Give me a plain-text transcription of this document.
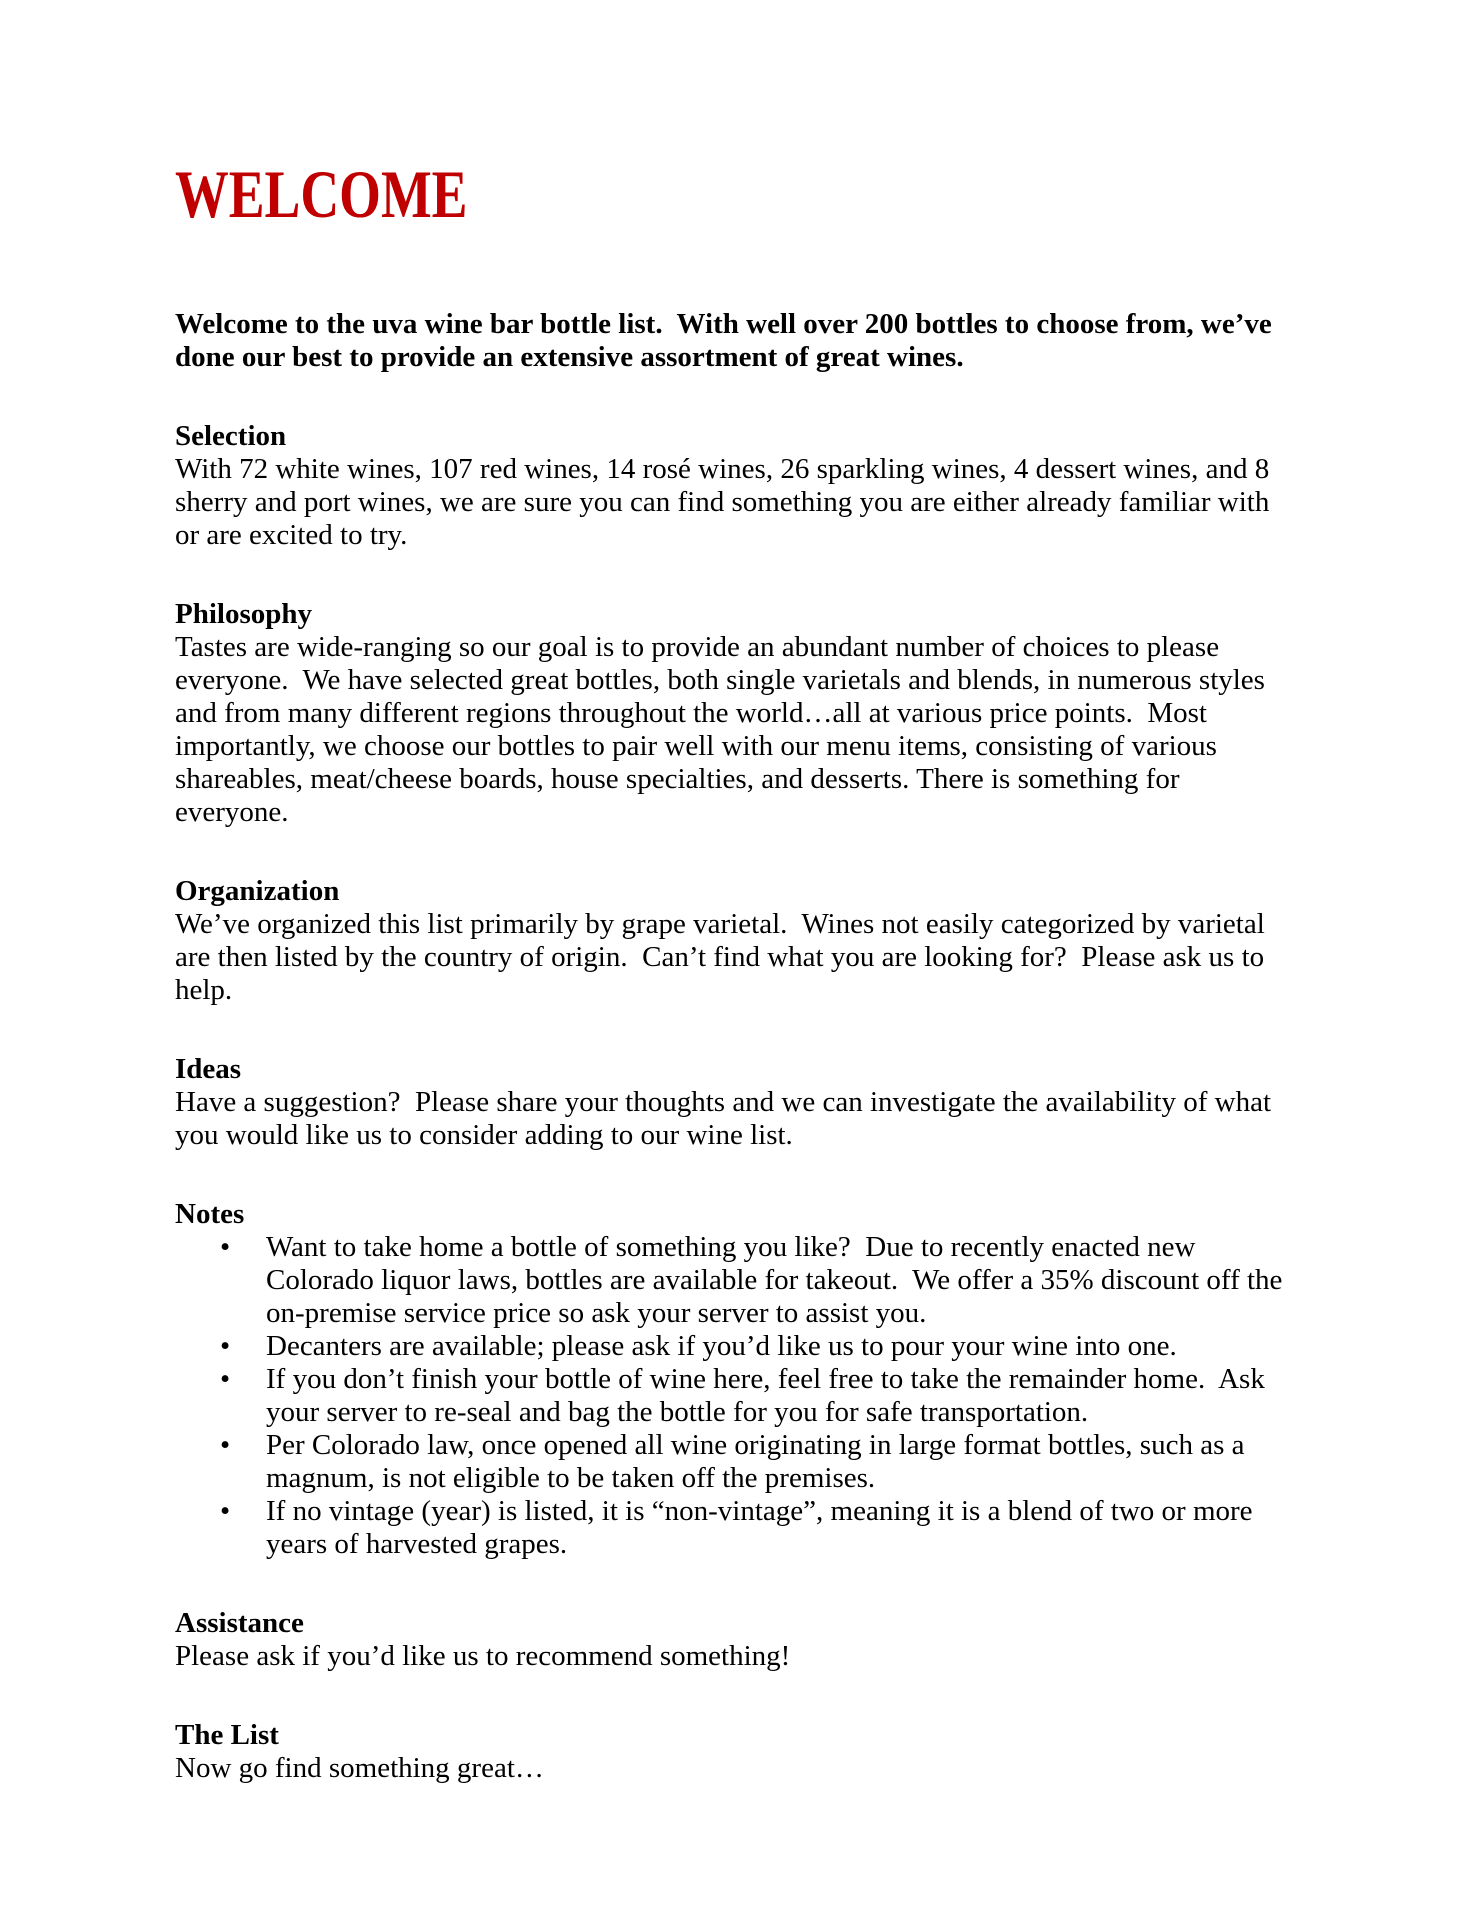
WELCOME

Welcome to the uva wine bar bottle list.  With well over 200 bottles to choose from, we’ve done our best to provide an extensive assortment of great wines.

Selection

With 72 white wines, 107 red wines, 14 rosé wines, 26 sparkling wines, 4 dessert wines, and 8 sherry and port wines, we are sure you can find something you are either already familiar with or are excited to try.

Philosophy

Tastes are wide-ranging so our goal is to provide an abundant number of choices to please everyone.  We have selected great bottles, both single varietals and blends, in numerous styles and from many different regions throughout the world…all at various price points.  Most importantly, we choose our bottles to pair well with our menu items, consisting of various shareables, meat/cheese boards, house specialties, and desserts. There is something for everyone.

Organization

We’ve organized this list primarily by grape varietal.  Wines not easily categorized by varietal are then listed by the country of origin.  Can’t find what you are looking for?  Please ask us to help.

Ideas

Have a suggestion?  Please share your thoughts and we can investigate the availability of what you would like us to consider adding to our wine list.

Notes
• Want to take home a bottle of something you like?  Due to recently enacted new Colorado liquor laws, bottles are available for takeout.  We offer a 35% discount off the on-premise service price so ask your server to assist you.
• Decanters are available; please ask if you’d like us to pour your wine into one.
• If you don’t finish your bottle of wine here, feel free to take the remainder home.  Ask your server to re-seal and bag the bottle for you for safe transportation.
• Per Colorado law, once opened all wine originating in large format bottles, such as a magnum, is not eligible to be taken off the premises.
• If no vintage (year) is listed, it is “non-vintage”, meaning it is a blend of two or more years of harvested grapes.
Assistance

Please ask if you’d like us to recommend something!

The List

Now go find something great…
